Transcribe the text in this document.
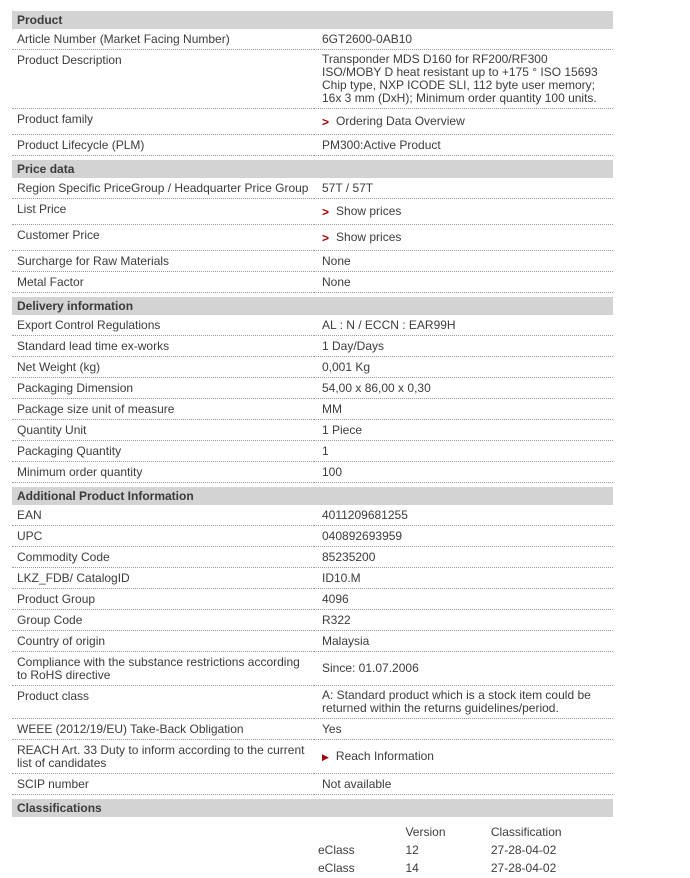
Product
Article Number (Market Facing Number)	6GT2600-0AB10
Product Description	Transponder MDS D160 for RF200/RF300 ISO/MOBY D heat resistant up to +175 ° ISO 15693 Chip type, NXP ICODE SLI, 112 byte user memory; 16x 3 mm (DxH); Minimum order quantity 100 units.
Product family	> Ordering Data Overview

Product Lifecycle (PLM)	PM300:Active Product
Price data
Region Specific PriceGroup / Headquarter Price Group	57T / 57T
List Price	> Show prices

Customer Price	> Show prices

Surcharge for Raw Materials	None
Metal Factor	None
Delivery information
Export Control Regulations	AL : N / ECCN : EAR99H
Standard lead time ex-works	1 Day/Days
Net Weight (kg)	0,001 Kg
Packaging Dimension	54,00 x 86,00 x 0,30
Package size unit of measure	MM
Quantity Unit	1 Piece
Packaging Quantity	1
Minimum order quantity	100
Additional Product Information
EAN	4011209681255
UPC	040892693959
Commodity Code	85235200
LKZ_FDB/ CatalogID	ID10.M
Product Group	4096
Group Code	R322
Country of origin	Malaysia
Compliance with the substance restrictions according to RoHS directive	Since: 01.07.2006
Product class	A: Standard product which is a stock item could be returned within the returns guidelines/period.
WEEE (2012/19/EU) Take-Back Obligation	Yes
REACH Art. 33 Duty to inform according to the current list of candidates	▶ Reach Information

SCIP number	Not available
Classifications
	Version	Classification
eClass	12	27-28-04-02
eClass	14	27-28-04-02
